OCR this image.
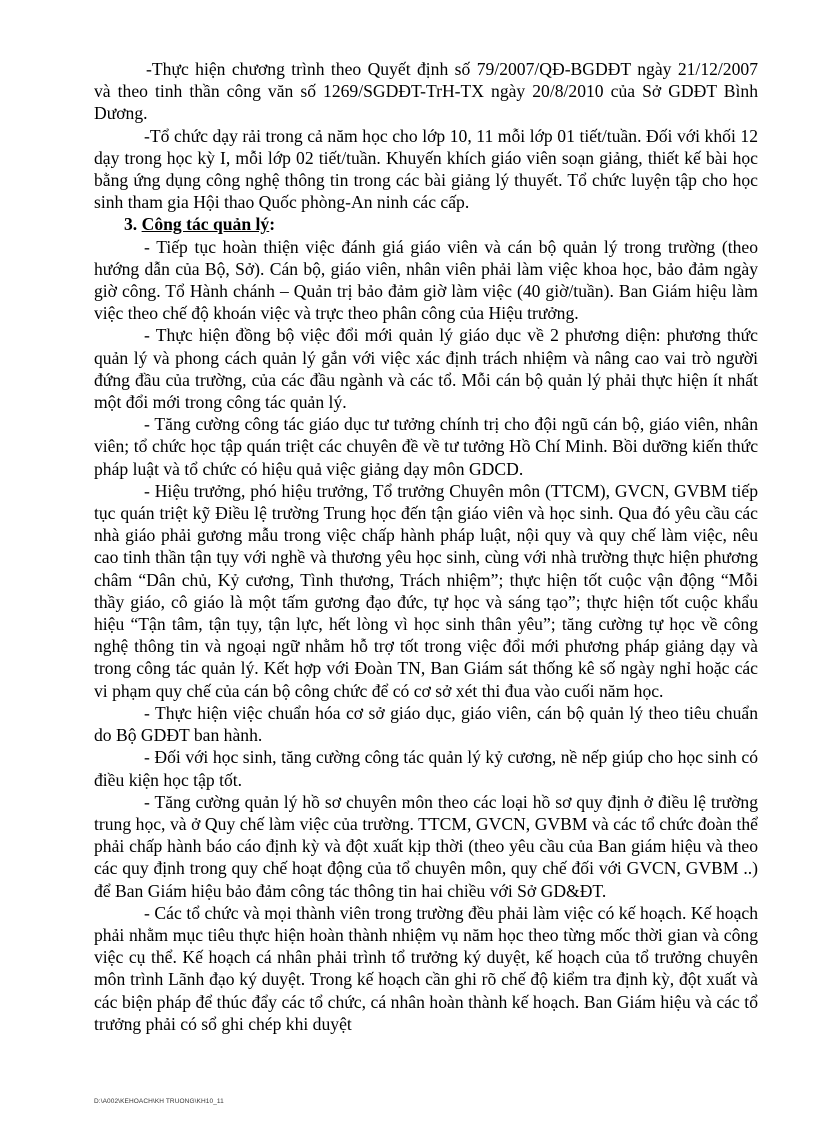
-Thực hiện chương trình theo Quyết định số 79/2007/QĐ-BGDĐT ngày 21/12/2007 và theo tinh thần công văn số 1269/SGDĐT-TrH-TX ngày 20/8/2010 của Sở GDĐT Bình Dương.

-Tổ chức dạy rải trong cả năm học cho lớp 10, 11 mỗi lớp 01 tiết/tuần. Đối với khối 12 dạy trong học kỳ I, mỗi lớp 02 tiết/tuần. Khuyến khích giáo viên soạn giảng, thiết kế bài học bằng ứng dụng công nghệ thông tin trong các bài giảng lý thuyết. Tổ chức luyện tập cho học sinh tham gia Hội thao Quốc phòng-An ninh các cấp.

3. Công tác quản lý:

- Tiếp tục hoàn thiện việc đánh giá giáo viên và cán bộ quản lý trong trường (theo hướng dẫn của Bộ, Sở). Cán bộ, giáo viên, nhân viên phải làm việc khoa học, bảo đảm ngày giờ công. Tổ Hành chánh – Quản trị bảo đảm giờ làm việc (40 giờ/tuần). Ban Giám hiệu làm việc theo chế độ khoán việc và trực theo phân công của Hiệu trưởng.

- Thực hiện đồng bộ việc đổi mới quản lý giáo dục về 2 phương diện: phương thức quản lý và phong cách quản lý gắn với việc xác định trách nhiệm và nâng cao vai trò người đứng đầu của trường, của các đầu ngành và các tổ. Mỗi cán bộ quản lý phải thực hiện ít nhất một đổi mới trong công tác quản lý.

- Tăng cường công tác giáo dục tư tưởng chính trị cho đội ngũ cán bộ, giáo viên, nhân viên; tổ chức học tập quán triệt các chuyên đề về tư tưởng Hồ Chí Minh. Bồi dưỡng kiến thức pháp luật và tổ chức có hiệu quả việc giảng dạy môn GDCD.

- Hiệu trưởng, phó hiệu trưởng, Tổ trưởng Chuyên môn (TTCM), GVCN, GVBM tiếp tục quán triệt kỹ Điều lệ trường Trung học đến tận giáo viên và học sinh. Qua đó yêu cầu các nhà giáo phải gương mẫu trong việc chấp hành pháp luật, nội quy và quy chế làm việc, nêu cao tinh thần tận tụy với nghề và thương yêu học sinh, cùng với nhà trường thực hiện phương châm “Dân chủ, Kỷ cương, Tình thương, Trách nhiệm”; thực hiện tốt cuộc vận động “Mỗi thầy giáo, cô giáo là một tấm gương đạo đức, tự học và sáng tạo”; thực hiện tốt cuộc khẩu hiệu “Tận tâm, tận tụy, tận lực, hết lòng vì học sinh thân yêu”; tăng cường tự học về công nghệ thông tin và ngoại ngữ nhằm hỗ trợ tốt trong việc đổi mới phương pháp giảng dạy và trong công tác quản lý. Kết hợp với Đoàn TN, Ban Giám sát thống kê số ngày nghỉ hoặc các vi phạm quy chế của cán bộ công chức để có cơ sở xét thi đua vào cuối năm học.

- Thực hiện việc chuẩn hóa cơ sở giáo dục, giáo viên, cán bộ quản lý theo tiêu chuẩn do Bộ GDĐT ban hành.

- Đối với học sinh, tăng cường công tác quản lý kỷ cương, nề nếp giúp cho học sinh có điều kiện học tập tốt.

- Tăng cường quản lý hồ sơ chuyên môn theo các loại hồ sơ quy định ở điều lệ trường trung học, và ở Quy chế làm việc của trường. TTCM, GVCN, GVBM và các tổ chức đoàn thể phải chấp hành báo cáo định kỳ và đột xuất kịp thời (theo yêu cầu của Ban giám hiệu và theo các quy định trong quy chế hoạt động của tổ chuyên môn, quy chế đối với GVCN, GVBM ..) để Ban Giám hiệu bảo đảm công tác thông tin hai chiều với Sở GD&ĐT.

- Các tổ chức và mọi thành viên trong trường đều phải làm việc có kế hoạch. Kế hoạch phải nhằm mục tiêu thực hiện hoàn thành nhiệm vụ năm học theo từng mốc thời gian và công việc cụ thể. Kế hoạch cá nhân phải trình tổ trưởng ký duyệt, kế hoạch của tổ trưởng chuyên môn trình Lãnh đạo ký duyệt. Trong kế hoạch cần ghi rõ chế độ kiểm tra định kỳ, đột xuất và các biện pháp để thúc đẩy các tổ chức, cá nhân hoàn thành kế hoạch. Ban Giám hiệu và các tổ trưởng phải có sổ ghi chép khi duyệt

D:\A002\KEHOACH\KH TRUONG\KH10_11
